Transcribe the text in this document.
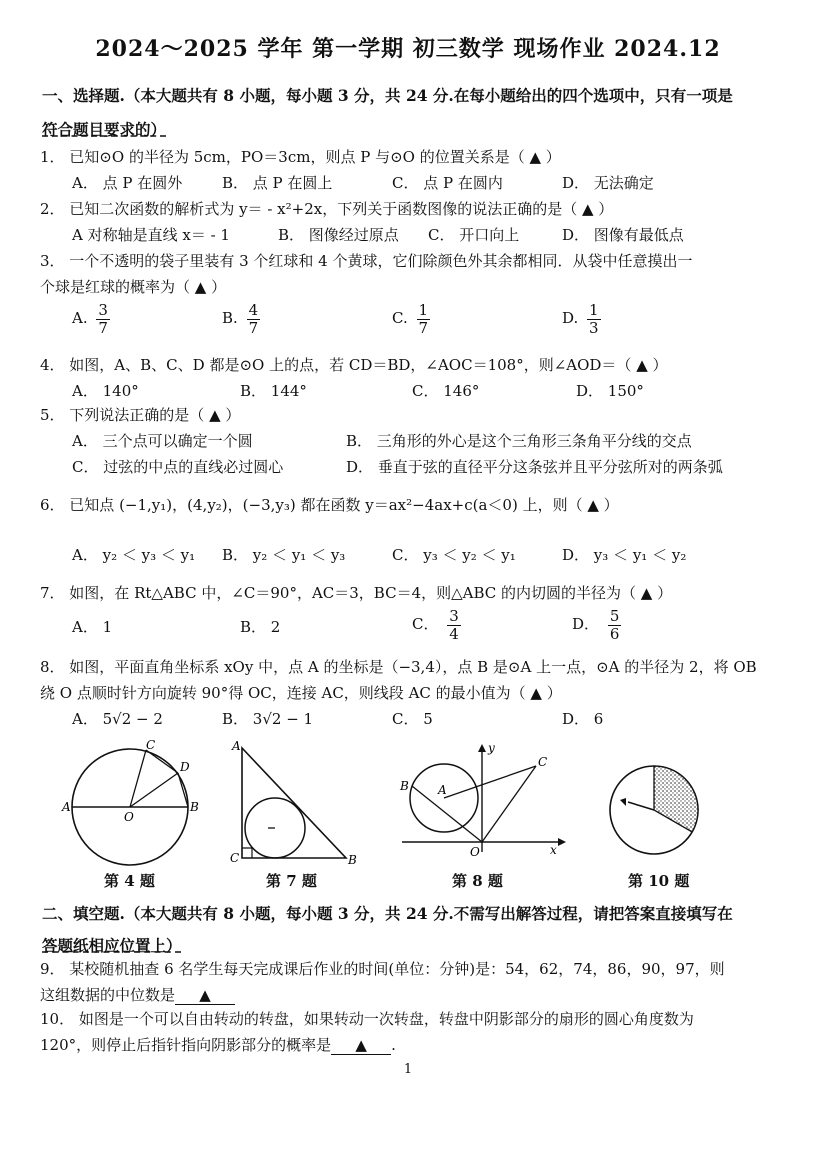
2024～2025 学年 第一学期 初三数学 现场作业 2024.12
一、选择题.（本大题共有 8 小题，每小题 3 分，共 24 分.在每小题给出的四个选项中，只有一项是
符合题目要求的）
1． 已知⊙O 的半径为 5cm，PO＝3cm，则点 P 与⊙O 的位置关系是（ ▲ ）
A． 点 P 在圆外	B． 点 P 在圆上	C． 点 P 在圆内	D． 无法确定
2． 已知二次函数的解析式为 y＝ - x²+2x，下列关于函数图像的说法正确的是（ ▲ ）
A 对称轴是直线 x＝ - 1	B． 图像经过原点 C． 开口向上	D． 图像有最低点
3． 一个不透明的袋子里装有 3 个红球和 4 个黄球，它们除颜色外其余都相同．从袋中任意摸出一
个球是红球的概率为（ ▲ ）
A. $\frac{3}{7}$	B. $\frac{4}{7}$	C. $\frac{1}{7}$	D. $\frac{1}{3}$
4． 如图，A、B、C、D 都是⊙O 上的点，若 CD＝BD，∠AOC＝108°，则∠AOD＝（ ▲ ）
A． 140°	B． 144°	C． 146°	D． 150°
5． 下列说法正确的是（ ▲ ）
A． 三个点可以确定一个圆	B． 三角形的外心是这个三角形三条角平分线的交点
C． 过弦的中点的直线必过圆心	D． 垂直于弦的直径平分这条弦并且平分弦所对的两条弧
6． 已知点 (−1,y₁)，(4,y₂)，(−3,y₃) 都在函数 y＝ax²−4ax+c(a＜0) 上，则（ ▲ ）
A． y₂ ＜ y₃ ＜ y₁ B． y₂ ＜ y₁ ＜ y₃	C． y₃ ＜ y₂ ＜ y₁	D． y₃ ＜ y₁ ＜ y₂
7． 如图，在 Rt△ABC 中，∠C＝90°，AC＝3，BC＝4，则△ABC 的内切圆的半径为（ ▲ ）
A． 1	B． 2	C． $\frac{3}{4}$	D． $\frac{5}{6}$
8． 如图，平面直角坐标系 xOy 中，点 A 的坐标是（−3,4），点 B 是⊙A 上一点，⊙A 的半径为 2，将 OB
绕 O 点顺时针方向旋转 90°得 OC，连接 AC，则线段 AC 的最小值为（ ▲ ）
A． 5√2 − 2	B． 3√2 − 1	C． 5	D． 6
A	B
C
D
O
A
B
C
A
B
C
O	x
y
第 4 题	第 7 题	第 8 题	第 10 题
二、填空题.（本大题共有 8 小题，每小题 3 分，共 24 分.不需写出解答过程，请把答案直接填写在
答题纸相应位置上）
9． 某校随机抽查 6 名学生每天完成课后作业的时间(单位：分钟)是：54，62，74，86，90，97，则
这组数据的中位数是 ▲
10． 如图是一个可以自由转动的转盘，如果转动一次转盘，转盘中阴影部分的扇形的圆心角度数为
120°，则停止后指针指向阴影部分的概率是 ▲ .
1
